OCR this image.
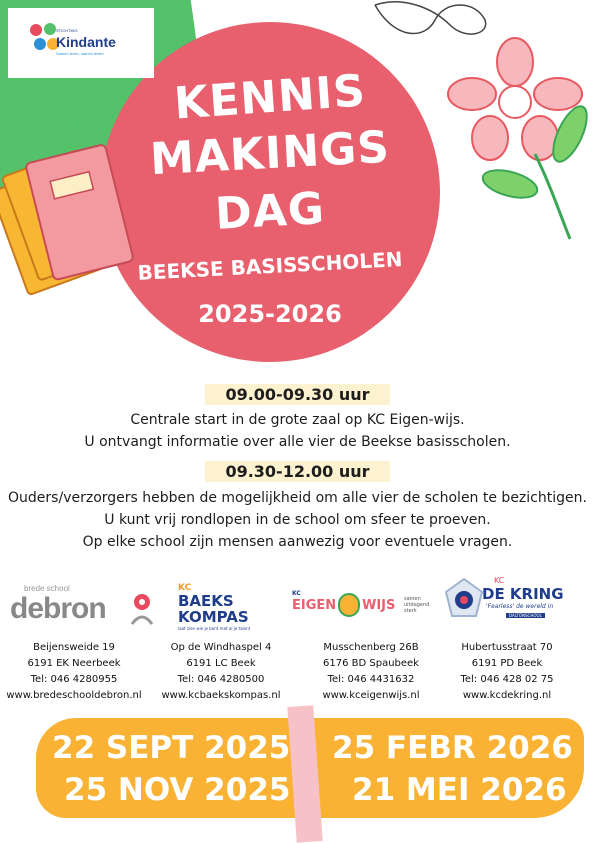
STICHTING
Kindante
Samen leren, samen leven
KENNIS
MAKINGS
DAG
BEEKSE BASISSCHOLEN
2025-2026
09.00-09.30 uur
Centrale start in de grote zaal op KC Eigen-wijs.
U ontvangt informatie over alle vier de Beekse basisscholen.
09.30-12.00 uur
Ouders/verzorgers hebben de mogelijkheid om alle vier de scholen te bezichtigen.
U kunt vrij rondlopen in de school om sfeer te proeven.
Op elke school zijn mensen aanwezig voor eventuele vragen.
brede school
debron
KC
BAEKS
KOMPAS
laat zien wie je bent met al je talent
KC
EIGEN WIJS samen uitdagend sterk
KC
DE KRING
'Fearless' de wereld in
DALTONSCHOOL
Beijensweide 19
6191 EK Neerbeek
Tel: 046 4280955
www.bredeschooldebron.nl
Op de Windhaspel 4
6191 LC Beek
Tel: 046 4280500
www.kcbaekskompas.nl
Musschenberg 26B
6176 BD Spaubeek
Tel: 046 4431632
www.kceigenwijs.nl
Hubertusstraat 70
6191 PD Beek
Tel: 046 428 02 75
www.kcdekring.nl
22 SEPT 2025
25 NOV 2025
25 FEBR 2026
21 MEI 2026
